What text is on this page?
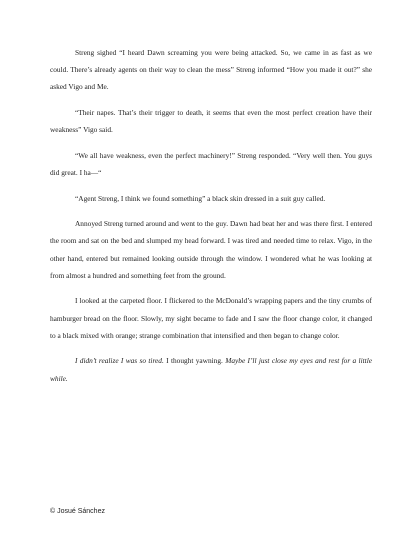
Streng sighed “I heard Dawn screaming you were being attacked. So, we came in as fast as we could. There’s already agents on their way to clean the mess” Streng informed “How you made it out?” she asked Vigo and Me.

“Their napes. That’s their trigger to death, it seems that even the most perfect creation have their weakness” Vigo said.

“We all have weakness, even the perfect machinery!” Streng responded. “Very well then. You guys did great. I ha—“

“Agent Streng, I think we found something” a black skin dressed in a suit guy called.

Annoyed Streng turned around and went to the guy. Dawn had beat her and was there first. I entered the room and sat on the bed and slumped my head forward. I was tired and needed time to relax. Vigo, in the other hand, entered but remained looking outside through the window. I wondered what he was looking at from almost a hundred and something feet from the ground.

I looked at the carpeted floor. I flickered to the McDonald’s wrapping papers and the tiny crumbs of hamburger bread on the floor. Slowly, my sight became to fade and I saw the floor change color, it changed to a black mixed with orange; strange combination that intensified and then began to change color.

I didn’t realize I was so tired. I thought yawning. Maybe I’ll just close my eyes and rest for a little while.

© Josué Sánchez
